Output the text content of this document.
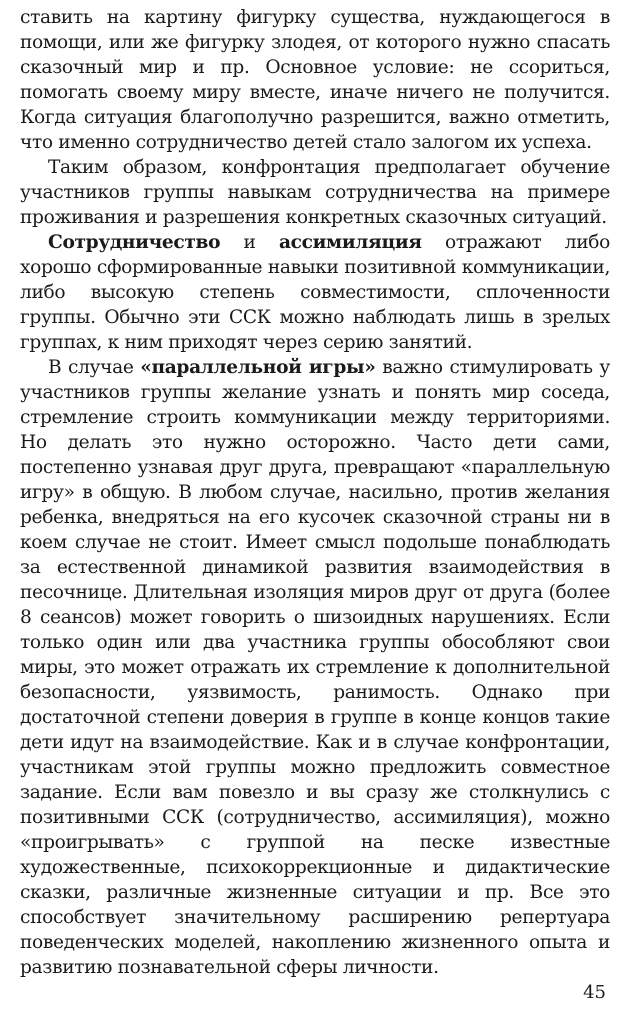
ставить на картину фигурку существа, нуждающегося в помощи, или же фигурку злодея, от которого нужно спасать сказочный мир и пр. Основное условие: не ссориться, помогать своему миру вместе, иначе ничего не получится. Когда ситуация благополучно разрешится, важно отметить, что именно сотрудничество детей стало залогом их успеха.

Таким образом, конфронтация предполагает обучение участников группы навыкам сотрудничества на примере проживания и разрешения конкретных сказочных ситуаций.

Сотрудничество и ассимиляция отражают либо хорошо сформированные навыки позитивной коммуникации, либо высокую степень совместимости, сплоченности группы. Обычно эти ССК можно наблюдать лишь в зрелых группах, к ним приходят через серию занятий.

В случае «параллельной игры» важно стимулировать у участников группы желание узнать и понять мир соседа, стремление строить коммуникации между территориями. Но делать это нужно осторожно. Часто дети сами, постепенно узнавая друг друга, превращают «параллельную игру» в общую. В любом случае, насильно, против желания ребенка, внедряться на его кусочек сказочной страны ни в коем случае не стоит. Имеет смысл подольше понаблюдать за естественной динамикой развития взаимодействия в песочнице. Длительная изоляция миров друг от друга (более 8 сеансов) может говорить о шизоидных нарушениях. Если только один или два участника группы обособляют свои миры, это может отражать их стремление к дополнительной безопасности, уязвимость, ранимость. Однако при достаточной степени доверия в группе в конце концов такие дети идут на взаимодействие. Как и в случае конфронтации, участникам этой группы можно предложить совместное задание. Если вам повезло и вы сразу же столкнулись с позитивными ССК (сотрудничество, ассимиляция), можно «проигрывать» с группой на песке известные художественные, психокоррекционные и дидактические сказки, различные жизненные ситуации и пр. Все это способствует значительному расширению репертуара поведенческих моделей, накоплению жизненного опыта и развитию познавательной сферы личности.

45
